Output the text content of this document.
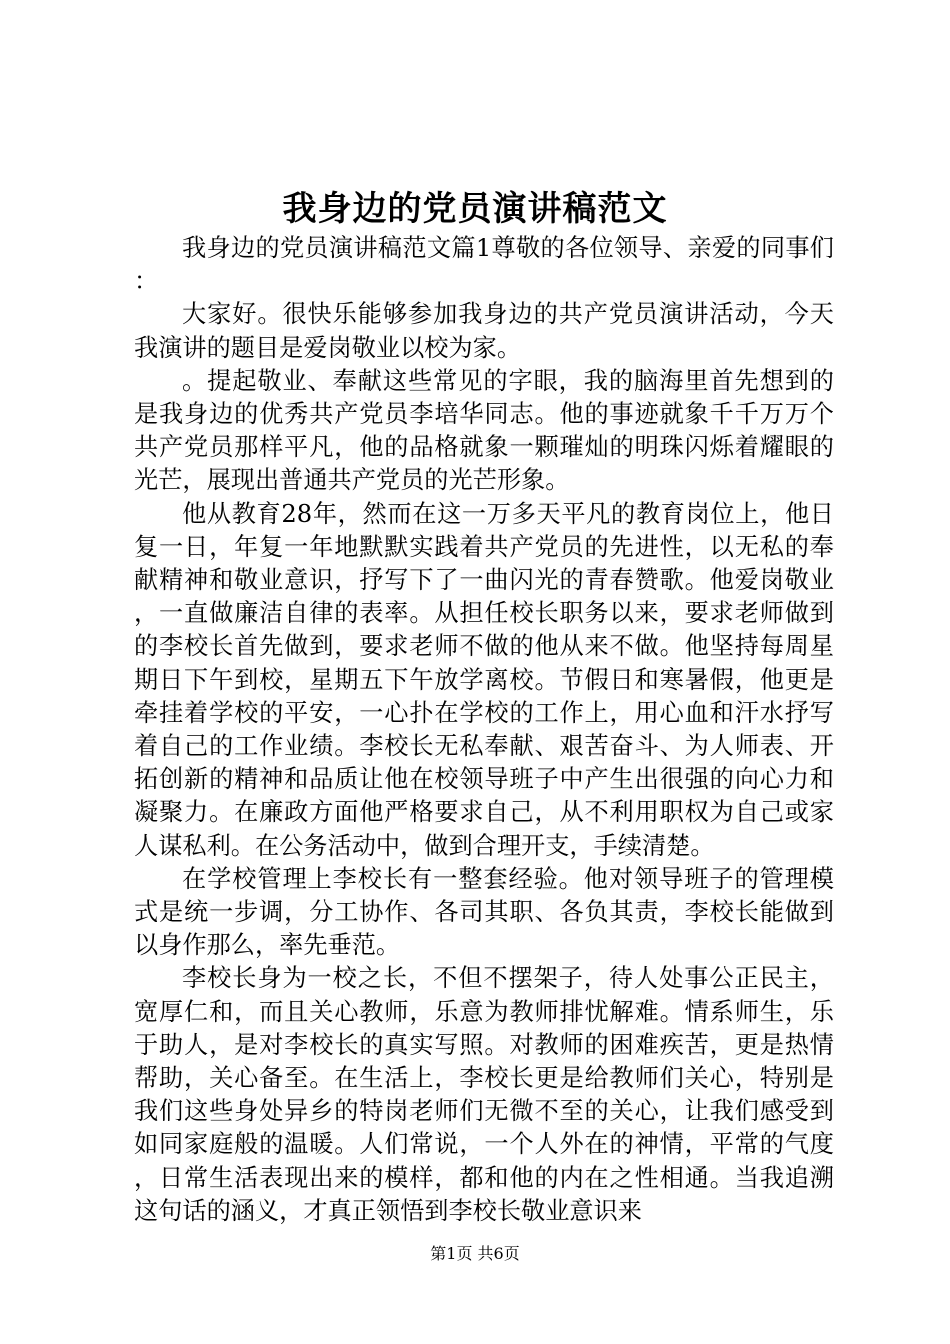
我身边的党员演讲稿范文

我身边的党员演讲稿范文篇1尊敬的各位领导、亲爱的同事们：

大家好。很快乐能够参加我身边的共产党员演讲活动，今天我演讲的题目是爱岗敬业以校为家。

。提起敬业、奉献这些常见的字眼，我的脑海里首先想到的是我身边的优秀共产党员李培华同志。他的事迹就象千千万万个共产党员那样平凡，他的品格就象一颗璀灿的明珠闪烁着耀眼的光芒，展现出普通共产党员的光芒形象。

他从教育28年，然而在这一万多天平凡的教育岗位上，他日复一日，年复一年地默默实践着共产党员的先进性，以无私的奉献精神和敬业意识，抒写下了一曲闪光的青春赞歌。他爱岗敬业，一直做廉洁自律的表率。从担任校长职务以来，要求老师做到的李校长首先做到，要求老师不做的他从来不做。他坚持每周星期日下午到校，星期五下午放学离校。节假日和寒暑假，他更是牵挂着学校的平安，一心扑在学校的工作上，用心血和汗水抒写着自己的工作业绩。李校长无私奉献、艰苦奋斗、为人师表、开拓创新的精神和品质让他在校领导班子中产生出很强的向心力和凝聚力。在廉政方面他严格要求自己，从不利用职权为自己或家人谋私利。在公务活动中，做到合理开支，手续清楚。

在学校管理上李校长有一整套经验。他对领导班子的管理模式是统一步调，分工协作、各司其职、各负其责，李校长能做到以身作那么，率先垂范。

李校长身为一校之长，不但不摆架子，待人处事公正民主，宽厚仁和，而且关心教师，乐意为教师排忧解难。情系师生，乐于助人，是对李校长的真实写照。对教师的困难疾苦，更是热情帮助，关心备至。在生活上，李校长更是给教师们关心，特别是我们这些身处异乡的特岗老师们无微不至的关心，让我们感受到如同家庭般的温暖。人们常说，一个人外在的神情，平常的气度，日常生活表现出来的模样，都和他的内在之性相通。当我追溯这句话的涵义，才真正领悟到李校长敬业意识来

第1页 共6页
